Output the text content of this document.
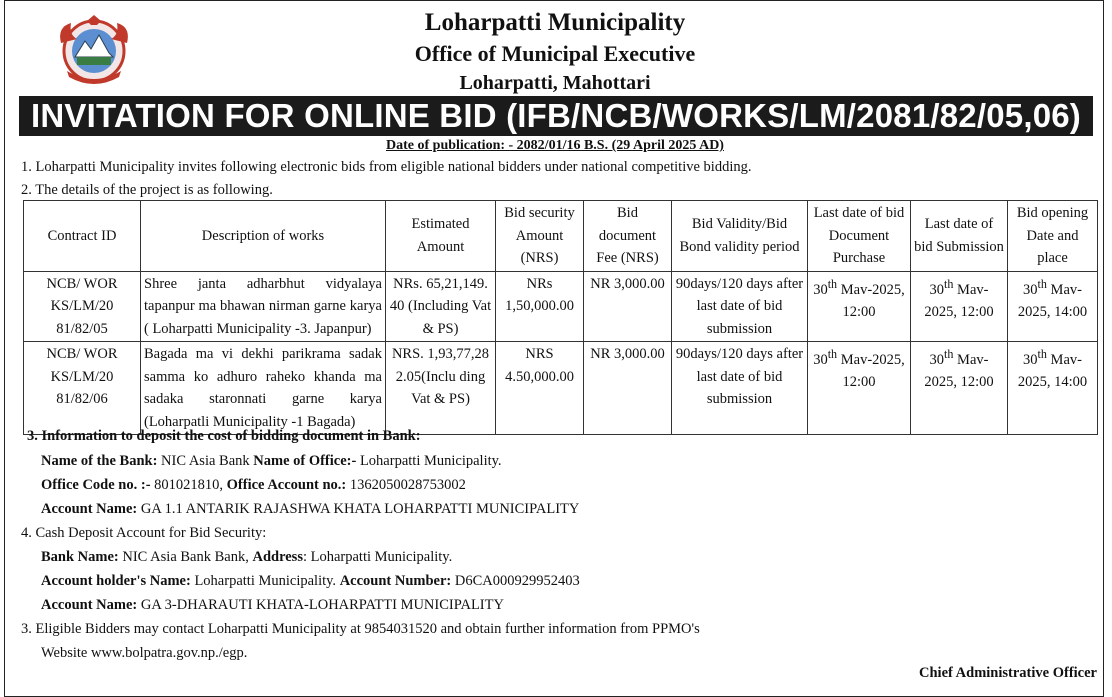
Loharpatti Municipality
Office of Municipal Executive
Loharpatti, Mahottari
INVITATION FOR ONLINE BID (IFB/NCB/WORKS/LM/2081/82/05,06)
Date of publication: - 2082/01/16 B.S. (29 April 2025 AD)
1. Loharpatti Municipality invites following electronic bids from eligible national bidders under national competitive bidding.
2. The details of the project is as following.
Contract ID	Description of works	Estimated Amount	Bid security Amount (NRS)	Bid document Fee (NRS)	Bid Validity/Bid Bond validity period	Last date of bid Document Purchase	Last date of bid Submission	Bid opening Date and place
NCB/ WOR KS/LM/20 81/82/05	Shree janta adharbhut vidyalaya tapanpur ma bhawan nirman garne karya ( Loharpatti Municipality -3. Japanpur)	NRs. 65,21,149. 40 (Including Vat & PS)	NRs 1,50,000.00	NR 3,000.00	90days/120 days after last date of bid submission	30th Mav-2025, 12:00	30th Mav-2025, 12:00	30th Mav-2025, 14:00
NCB/ WOR KS/LM/20 81/82/06	Bagada ma vi dekhi parikrama sadak samma ko adhuro raheko khanda ma sadaka staronnati garne karya (Loharpatli Municipality -1 Bagada)	NRS. 1,93,77,28 2.05(Inclu ding Vat & PS)	NRS 4.50,000.00	NR 3,000.00	90days/120 days after last date of bid submission	30th Mav-2025, 12:00	30th Mav-2025, 12:00	30th Mav-2025, 14:00
3. Information to deposit the cost of bidding document in Bank:
Name of the Bank: NIC Asia Bank Name of Office:- Loharpatti Municipality.
Office Code no. :- 801021810, Office Account no.: 1362050028753002
Account Name: GA 1.1 ANTARIK RAJASHWA KHATA LOHARPATTI MUNICIPALITY
4. Cash Deposit Account for Bid Security:
Bank Name: NIC Asia Bank Bank, Address: Loharpatti Municipality.
Account holder's Name: Loharpatti Municipality. Account Number: D6CA000929952403
Account Name: GA 3-DHARAUTI KHATA-LOHARPATTI MUNICIPALITY
3. Eligible Bidders may contact Loharpatti Municipality at 9854031520 and obtain further information from PPMO's
Website www.bolpatra.gov.np./egp.
Chief Administrative Officer
